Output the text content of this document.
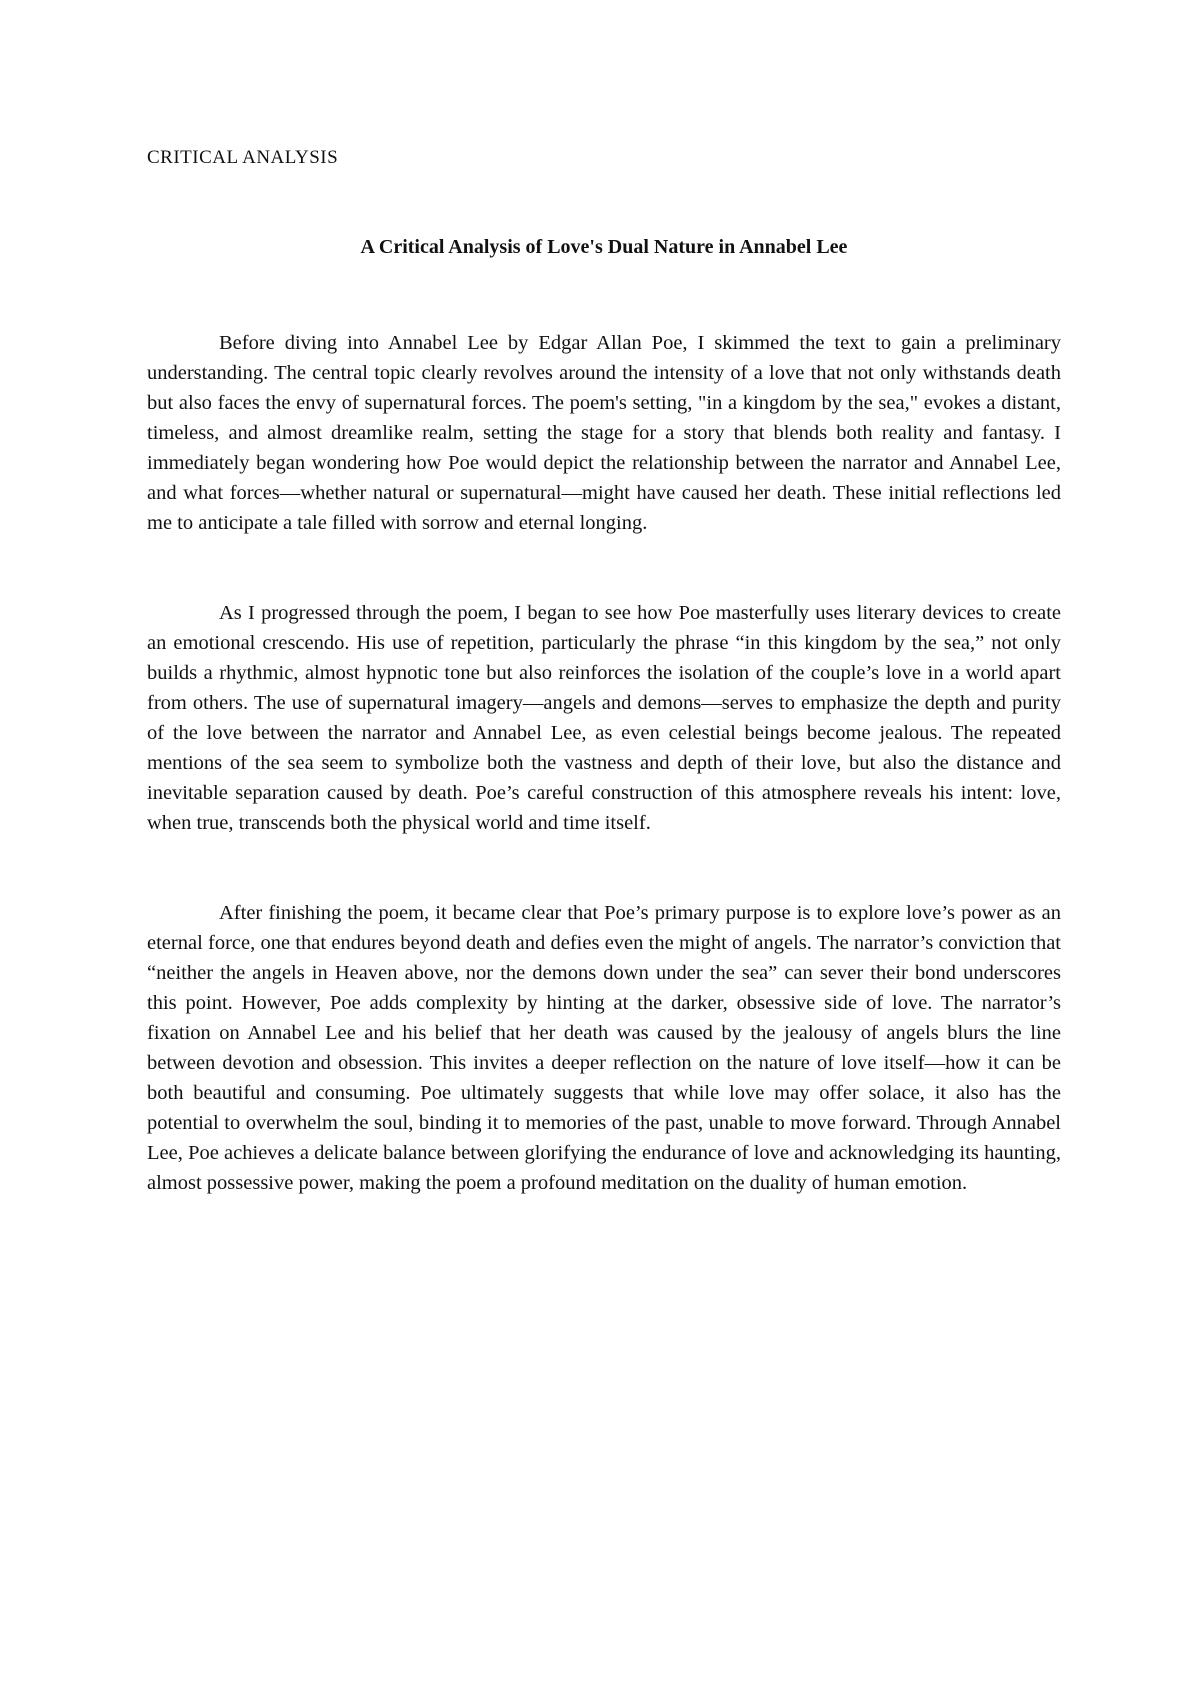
CRITICAL ANALYSIS
A Critical Analysis of Love's Dual Nature in Annabel Lee

Before diving into Annabel Lee by Edgar Allan Poe, I skimmed the text to gain a preliminary understanding. The central topic clearly revolves around the intensity of a love that not only withstands death but also faces the envy of supernatural forces. The poem's setting, "in a kingdom by the sea," evokes a distant, timeless, and almost dreamlike realm, setting the stage for a story that blends both reality and fantasy. I immediately began wondering how Poe would depict the relationship between the narrator and Annabel Lee, and what forces—whether natural or supernatural—might have caused her death. These initial reflections led me to anticipate a tale filled with sorrow and eternal longing.

As I progressed through the poem, I began to see how Poe masterfully uses literary devices to create an emotional crescendo. His use of repetition, particularly the phrase “in this kingdom by the sea,” not only builds a rhythmic, almost hypnotic tone but also reinforces the isolation of the couple’s love in a world apart from others. The use of supernatural imagery—angels and demons—serves to emphasize the depth and purity of the love between the narrator and Annabel Lee, as even celestial beings become jealous. The repeated mentions of the sea seem to symbolize both the vastness and depth of their love, but also the distance and inevitable separation caused by death. Poe’s careful construction of this atmosphere reveals his intent: love, when true, transcends both the physical world and time itself.

After finishing the poem, it became clear that Poe’s primary purpose is to explore love’s power as an eternal force, one that endures beyond death and defies even the might of angels. The narrator’s conviction that “neither the angels in Heaven above, nor the demons down under the sea” can sever their bond underscores this point. However, Poe adds complexity by hinting at the darker, obsessive side of love. The narrator’s fixation on Annabel Lee and his belief that her death was caused by the jealousy of angels blurs the line between devotion and obsession. This invites a deeper reflection on the nature of love itself—how it can be both beautiful and consuming. Poe ultimately suggests that while love may offer solace, it also has the potential to overwhelm the soul, binding it to memories of the past, unable to move forward. Through Annabel Lee, Poe achieves a delicate balance between glorifying the endurance of love and acknowledging its haunting, almost possessive power, making the poem a profound meditation on the duality of human emotion.
